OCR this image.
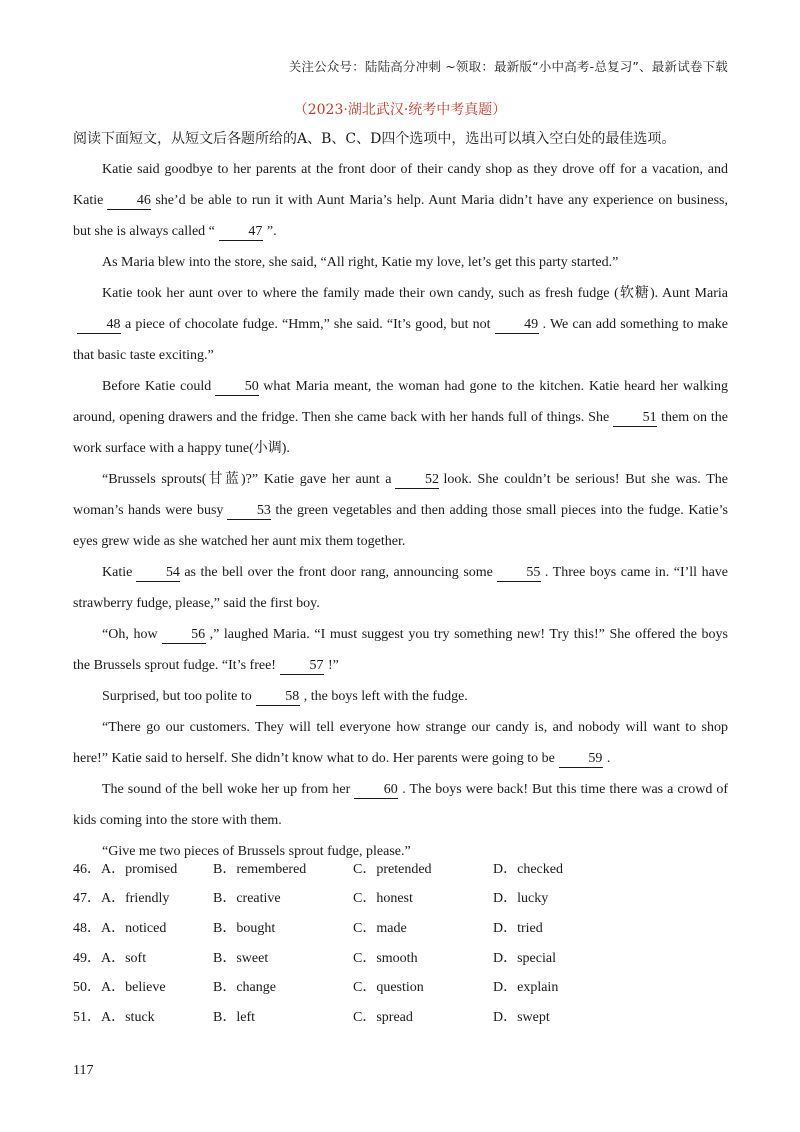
关注公众号：陆陆高分冲刺 ~领取：最新版“小中高考-总复习”、最新试卷下载
（2023·湖北武汉·统考中考真题）
阅读下面短文，从短文后各题所给的A、B、C、D四个选项中，选出可以填入空白处的最佳选项。

Katie said goodbye to her parents at the front door of their candy shop as they drove off for a vacation, and Katie 46 she’d be able to run it with Aunt Maria’s help. Aunt Maria didn’t have any experience on business, but she is always called “ 47 ”.

As Maria blew into the store, she said, “All right, Katie my love, let’s get this party started.”

Katie took her aunt over to where the family made their own candy, such as fresh fudge (软糖). Aunt Maria48 a piece of chocolate fudge. “Hmm,” she said. “It’s good, but not 49 . We can add something to make that basic taste exciting.”

Before Katie could 50 what Maria meant, the woman had gone to the kitchen. Katie heard her walking around, opening drawers and the fridge. Then she came back with her hands full of things. She 51 them on the work surface with a happy tune(小调).

“Brussels sprouts(甘蓝)?” Katie gave her aunt a 52 look. She couldn’t be serious! But she was. The woman’s hands were busy 53 the green vegetables and then adding those small pieces into the fudge. Katie’s eyes grew wide as she watched her aunt mix them together.

Katie 54 as the bell over the front door rang, announcing some 55 . Three boys came in. “I’ll have strawberry fudge, please,” said the first boy.

“Oh, how 56 ,” laughed Maria. “I must suggest you try something new! Try this!” She offered the boys the Brussels sprout fudge. “It’s free! 57 !”

Surprised, but too polite to 58 , the boys left with the fudge.

“There go our customers. They will tell everyone how strange our candy is, and nobody will want to shop here!” Katie said to herself. She didn’t know what to do. Her parents were going to be 59 .

The sound of the bell woke her up from her 60 . The boys were back! But this time there was a crowd of kids coming into the store with them.

“Give me two pieces of Brussels sprout fudge, please.”

46． A．promised	B．remembered	C．pretended	D．checked
47． A．friendly	B．creative	C．honest	D．lucky
48． A．noticed	B．bought	C．made	D．tried
49． A．soft	B．sweet	C．smooth	D．special
50． A．believe	B．change	C．question	D．explain
51． A．stuck	B．left	C．spread	D．swept
117
